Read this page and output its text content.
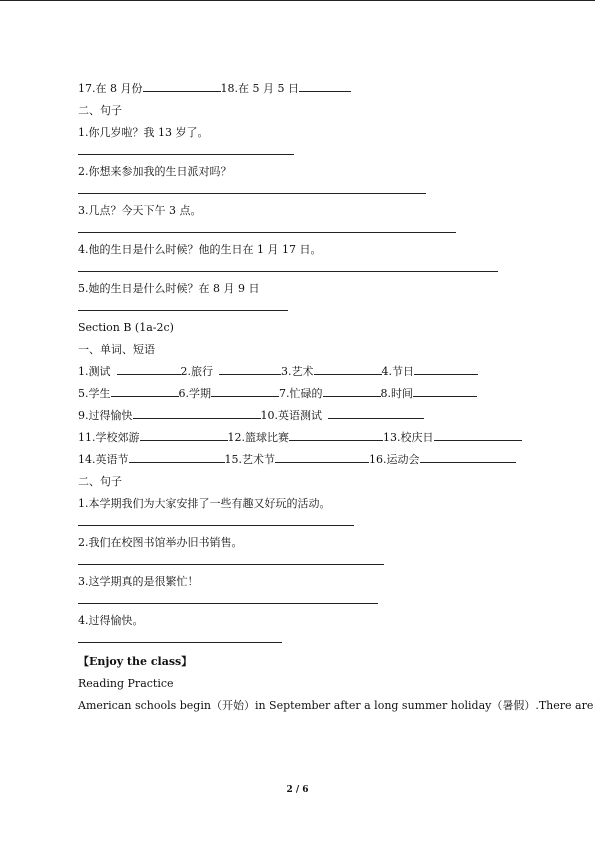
17.在 8 月份	18.在 5 月 5 日
二、句子
1.你几岁啦？我 13 岁了。
2.你想来参加我的生日派对吗？
3.几点？今天下午 3 点。
4.他的生日是什么时候？他的生日在 1 月 17 日。
5.她的生日是什么时候？在 8 月 9 日
Section B (1a-2c)
一、单词、短语
1.测试	2.旅行	3.艺术	4.节日
5.学生	6.学期	7.忙碌的	8.时间
9.过得愉快	10.英语测试
11.学校郊游	12.篮球比赛	13.校庆日
14.英语节	15.艺术节	16.运动会
二、句子
1.本学期我们为大家安排了一些有趣又好玩的活动。
2.我们在校图书馆举办旧书销售。
3.这学期真的是很繁忙！
4.过得愉快。
【Enjoy the class】
Reading Practice
American schools begin（开始）in September after a long summer holiday（暑假）.There are
2 / 6
